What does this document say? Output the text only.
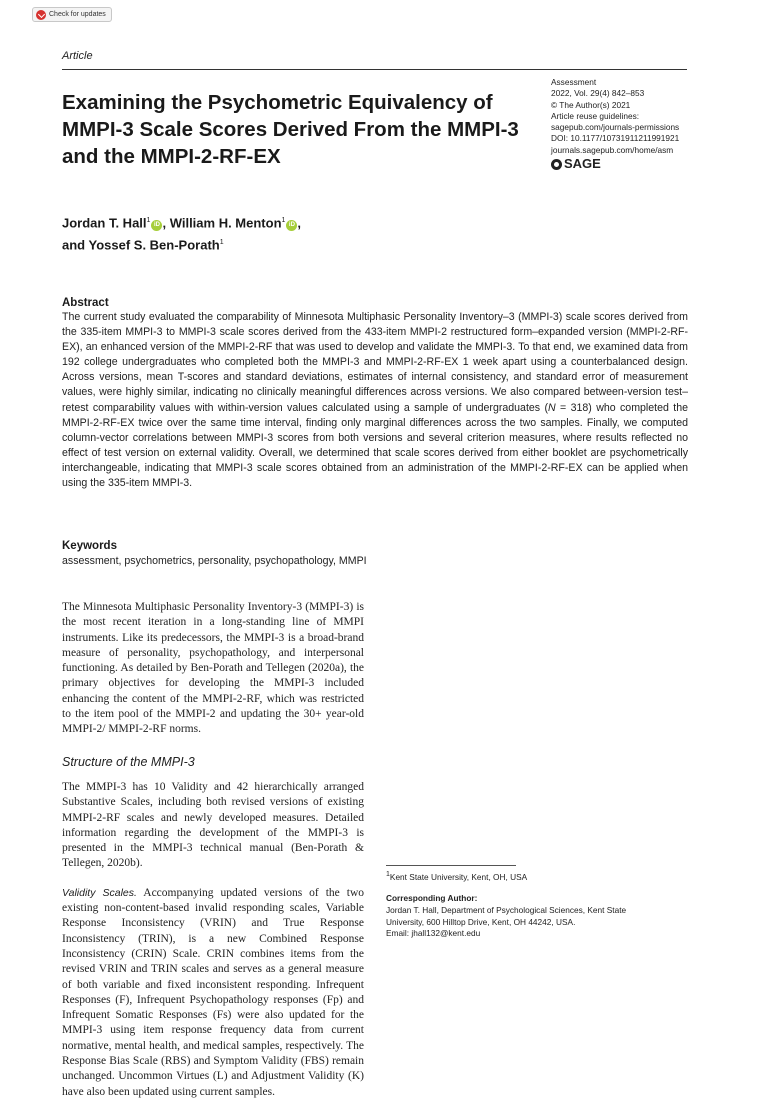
Check for updates
Article
Examining the Psychometric Equivalency of MMPI-3 Scale Scores Derived From the MMPI-3 and the MMPI-2-RF-EX
Assessment
2022, Vol. 29(4) 842–853
© The Author(s) 2021
Article reuse guidelines:
sagepub.com/journals-permissions
DOI: 10.1177/10731911211991921
journals.sagepub.com/home/asm
SAGE
Jordan T. Hall$^1$iD , William H. Menton$^1$iD ,
and Yossef S. Ben-Porath$^1$
Abstract

The current study evaluated the comparability of Minnesota Multiphasic Personality Inventory–3 (MMPI-3) scale scores derived from the 335-item MMPI-3 to MMPI-3 scale scores derived from the 433-item MMPI-2 restructured form–expanded version (MMPI-2-RF-EX), an enhanced version of the MMPI-2-RF that was used to develop and validate the MMPI-3. To that end, we examined data from 192 college undergraduates who completed both the MMPI-3 and MMPI-2-RF-EX 1 week apart using a counterbalanced design. Across versions, mean T-scores and standard deviations, estimates of internal consistency, and standard error of measurement values, were highly similar, indicating no clinically meaningful differences across versions. We also compared between-version test–retest comparability values with within-version values calculated using a sample of undergraduates (N = 318) who completed the MMPI-2-RF-EX twice over the same time interval, finding only marginal differences across the two samples. Finally, we computed column-vector correlations between MMPI-3 scores from both versions and several criterion measures, where results reflected no effect of test version on external validity. Overall, we determined that scale scores derived from either booklet are psychometrically interchangeable, indicating that MMPI-3 scale scores obtained from an administration of the MMPI-2-RF-EX can be applied when using the 335-item MMPI-3.

Keywords
assessment, psychometrics, personality, psychopathology, MMPI

The Minnesota Multiphasic Personality Inventory-3 (MMPI-3) is the most recent iteration in a long-standing line of MMPI instruments. Like its predecessors, the MMPI-3 is a broad-brand measure of personality, psychopathology, and interpersonal functioning. As detailed by Ben-Porath and Tellegen (2020a), the primary objectives for developing the MMPI-3 included enhancing the content of the MMPI-2-RF, which was restricted to the item pool of the MMPI-2 and updating the 30+ year-old MMPI-2/ MMPI-2-RF norms.

Structure of the MMPI-3

The MMPI-3 has 10 Validity and 42 hierarchically arranged Substantive Scales, including both revised versions of existing MMPI-2-RF scales and newly developed measures. Detailed information regarding the development of the MMPI-3 is presented in the MMPI-3 technical manual (Ben-Porath & Tellegen, 2020b).

Validity Scales. Accompanying updated versions of the two existing non-content-based invalid responding scales, Variable Response Inconsistency (VRIN) and True Response Inconsistency (TRIN), is a new Combined Response Inconsistency (CRIN) Scale. CRIN combines items from the revised VRIN and TRIN scales and serves as a general measure of both variable and fixed inconsistent responding. Infrequent Responses (F), Infrequent Psychopathology responses (Fp) and Infrequent Somatic Responses (Fs) were also updated for the MMPI-3 using item response frequency data from current normative, mental health, and medical samples, respectively. The Response Bias Scale (RBS) and Symptom Validity (FBS) remain unchanged. Uncommon Virtues (L) and Adjustment Validity (K) have also been updated using current samples.

$^1$Kent State University, Kent, OH, USA
Corresponding Author:
Jordan T. Hall, Department of Psychological Sciences, Kent State
University, 600 Hilltop Drive, Kent, OH 44242, USA.
Email: jhall132@kent.edu
